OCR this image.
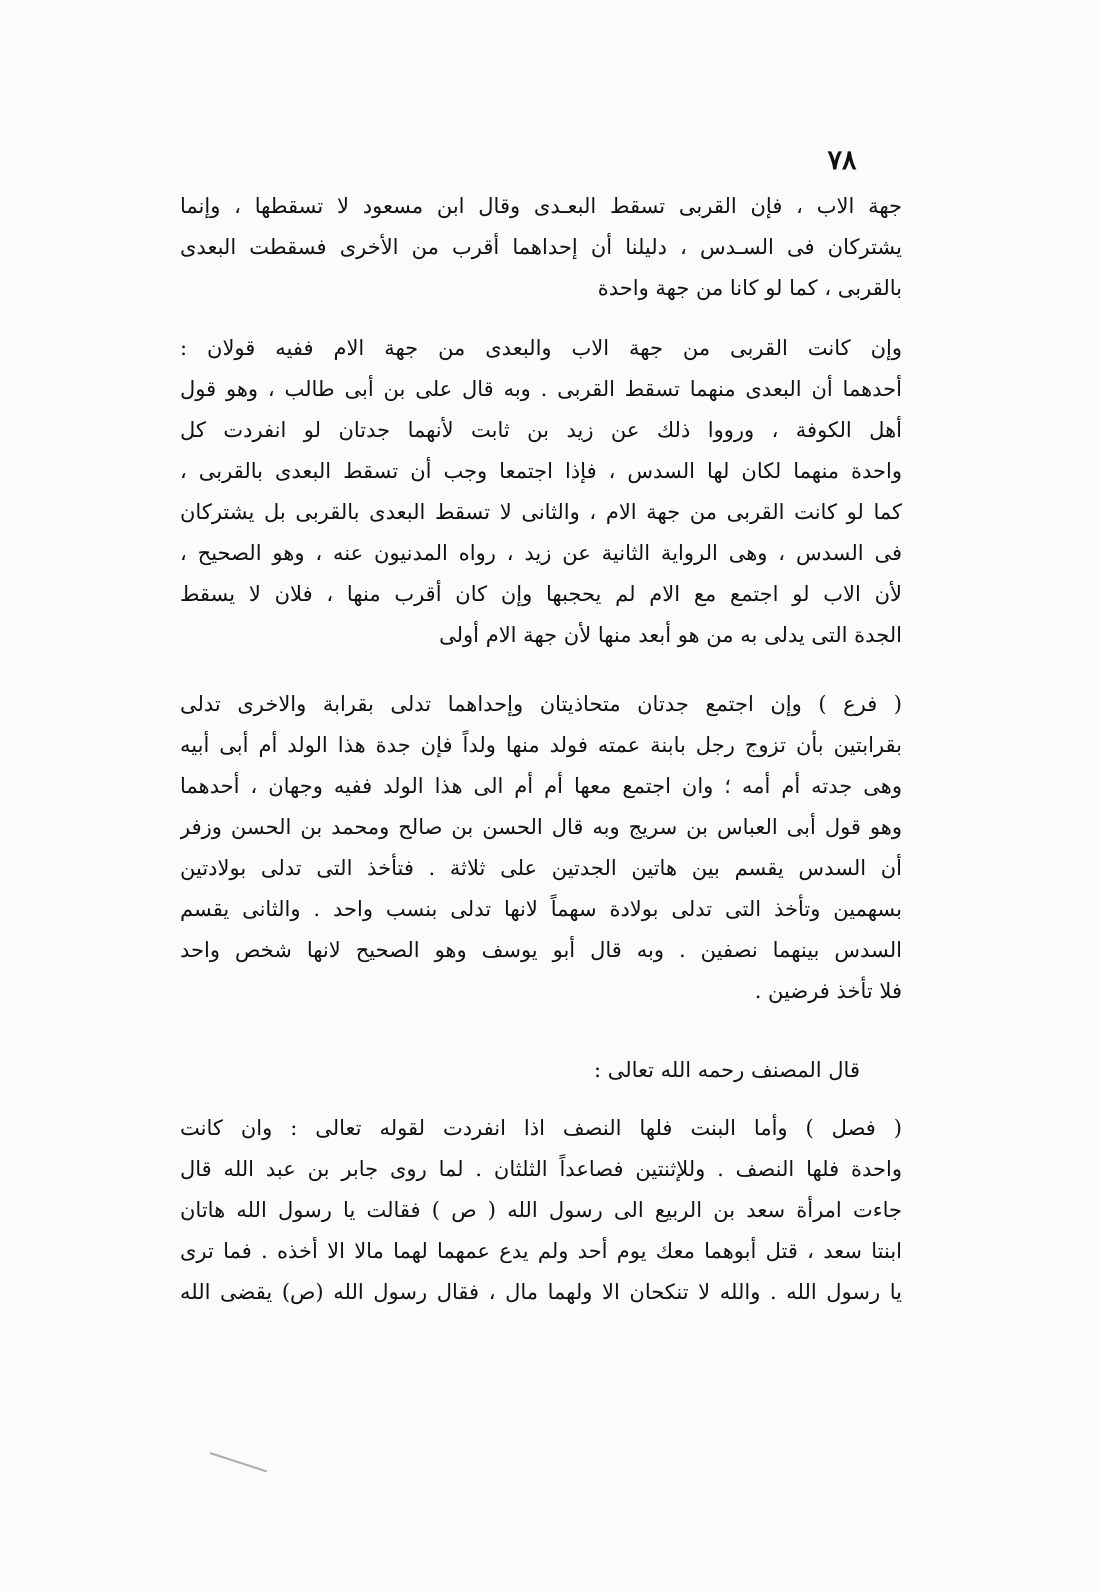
٧٨
جهة الاب ، فإن القربى تسقط البعـدى وقال ابن مسعود لا تسقطها ، وإنما
يشتركان فى السـدس ، دليلنا أن إحداهما أقرب من الأخرى فسقطت البعدى
بالقربى ، كما لو كانا من جهة واحدة
وإن كانت القربى من جهة الاب والبعدى من جهة الام ففيه قولان :
أحدهما أن البعدى منهما تسقط القربى . وبه قال على بن أبى طالب ، وهو قول
أهل الكوفة ، ورووا ذلك عن زيد بن ثابت لأنهما جدتان لو انفردت كل
واحدة منهما لكان لها السدس ، فإذا اجتمعا وجب أن تسقط البعدى بالقربى ،
كما لو كانت القربى من جهة الام ، والثانى لا تسقط البعدى بالقربى بل يشتركان
فى السدس ، وهى الرواية الثانية عن زيد ، رواه المدنيون عنه ، وهو الصحيح ،
لأن الاب لو اجتمع مع الام لم يحجبها وإن كان أقرب منها ، فلان لا يسقط
الجدة التى يدلى به من هو أبعد منها لأن جهة الام أولى
( فرع ) وإن اجتمع جدتان متحاذيتان وإحداهما تدلى بقرابة والاخرى تدلى
بقرابتين بأن تزوج رجل بابنة عمته فولد منها ولداً فإن جدة هذا الولد أم أبى أبيه
وهى جدته أم أمه ؛ وان اجتمع معها أم أم الى هذا الولد ففيه وجهان ، أحدهما
وهو قول أبى العباس بن سريج وبه قال الحسن بن صالح ومحمد بن الحسن وزفر
أن السدس يقسم بين هاتين الجدتين على ثلاثة . فتأخذ التى تدلى بولادتين
بسهمين وتأخذ التى تدلى بولادة سهماً لانها تدلى بنسب واحد . والثانى يقسم
السدس بينهما نصفين . وبه قال أبو يوسف وهو الصحيح لانها شخص واحد
فلا تأخذ فرضين .
قال المصنف رحمه الله تعالى :
( فصل ) وأما البنت فلها النصف اذا انفردت لقوله تعالى : وان كانت
واحدة فلها النصف . وللإثنتين فصاعداً الثلثان . لما روى جابر بن عبد الله قال
جاءت امرأة سعد بن الربيع الى رسول الله ( ص ) فقالت يا رسول الله هاتان
ابنتا سعد ، قتل أبوهما معك يوم أحد ولم يدع عمهما لهما مالا الا أخذه . فما ترى
يا رسول الله . والله لا تنكحان الا ولهما مال ، فقال رسول الله (ص) يقضى الله
